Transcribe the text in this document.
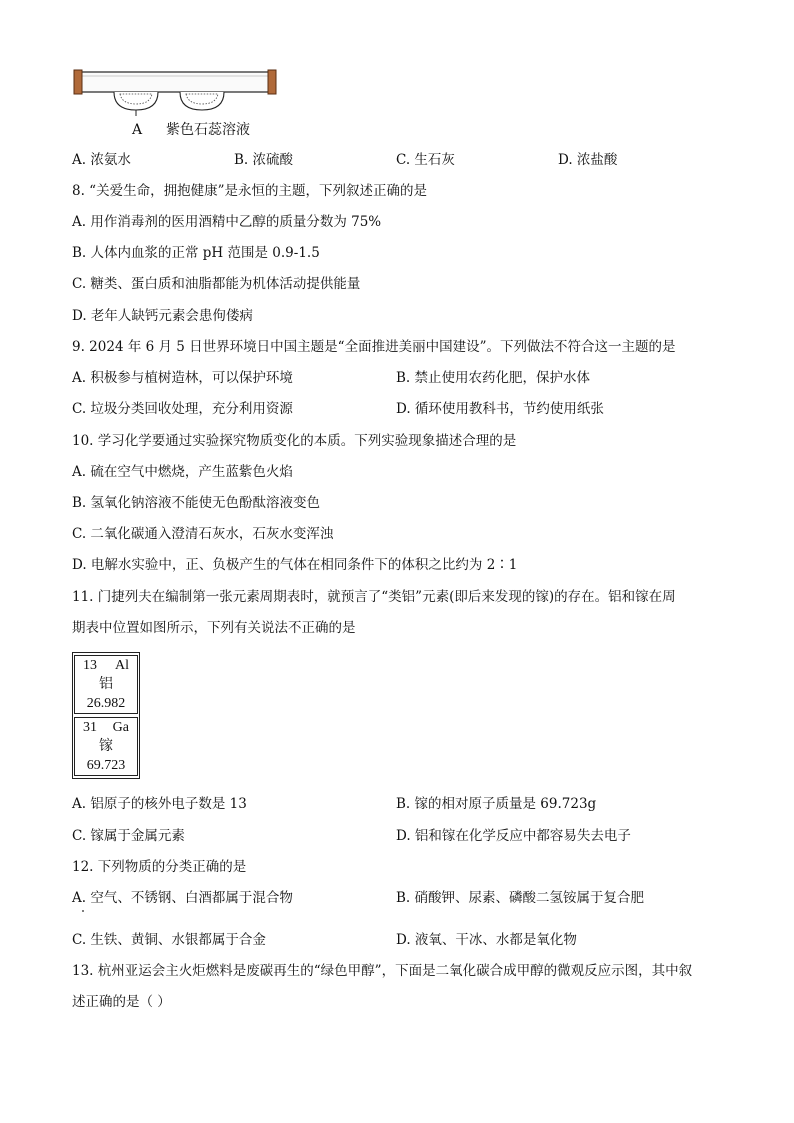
A 紫色石蕊溶液
A. 浓氨水	B. 浓硫酸	C. 生石灰	D. 浓盐酸
8. “关爱生命，拥抱健康”是永恒的主题，下列叙述正确的是
A. 用作消毒剂的医用酒精中乙醇的质量分数为 75%
B. 人体内血浆的正常 pH 范围是 0.9-1.5
C. 糖类、蛋白质和油脂都能为机体活动提供能量
D. 老年人缺钙元素会患佝偻病
9. 2024 年 6 月 5 日世界环境日中国主题是“全面推进美丽中国建设”。下列做法不符合这一主题的是
A. 积极参与植树造林，可以保护环境	B. 禁止使用农药化肥，保护水体
C. 垃圾分类回收处理，充分利用资源	D. 循环使用教科书，节约使用纸张
10. 学习化学要通过实验探究物质变化的本质。下列实验现象描述合理的是
A. 硫在空气中燃烧，产生蓝紫色火焰
B. 氢氧化钠溶液不能使无色酚酞溶液变色
C. 二氧化碳通入澄清石灰水，石灰水变浑浊
D. 电解水实验中，正、负极产生的气体在相同条件下的体积之比约为 2∶1
11. 门捷列夫在编制第一张元素周期表时，就预言了“类铝”元素(即后来发现的镓)的存在。铝和镓在周
期表中位置如图所示，下列有关说法不正确的是
13 Al
铝
26.982
31 Ga
镓
69.723
A. 铝原子的核外电子数是 13	B. 镓的相对原子质量是 69.723g
C. 镓属于金属元素	D. 铝和镓在化学反应中都容易失去电子
12. 下列物质的分类正确的是
A. 空气、不锈钢、白酒都属于混合物	B. 硝酸钾、尿素、磷酸二氢铵属于复合肥
C. 生铁、黄铜、水银都属于合金	D. 液氧、干冰、水都是氧化物
13. 杭州亚运会主火炬燃料是废碳再生的“绿色甲醇”，下面是二氧化碳合成甲醇的微观反应示图，其中叙
述正确的是（ ）
